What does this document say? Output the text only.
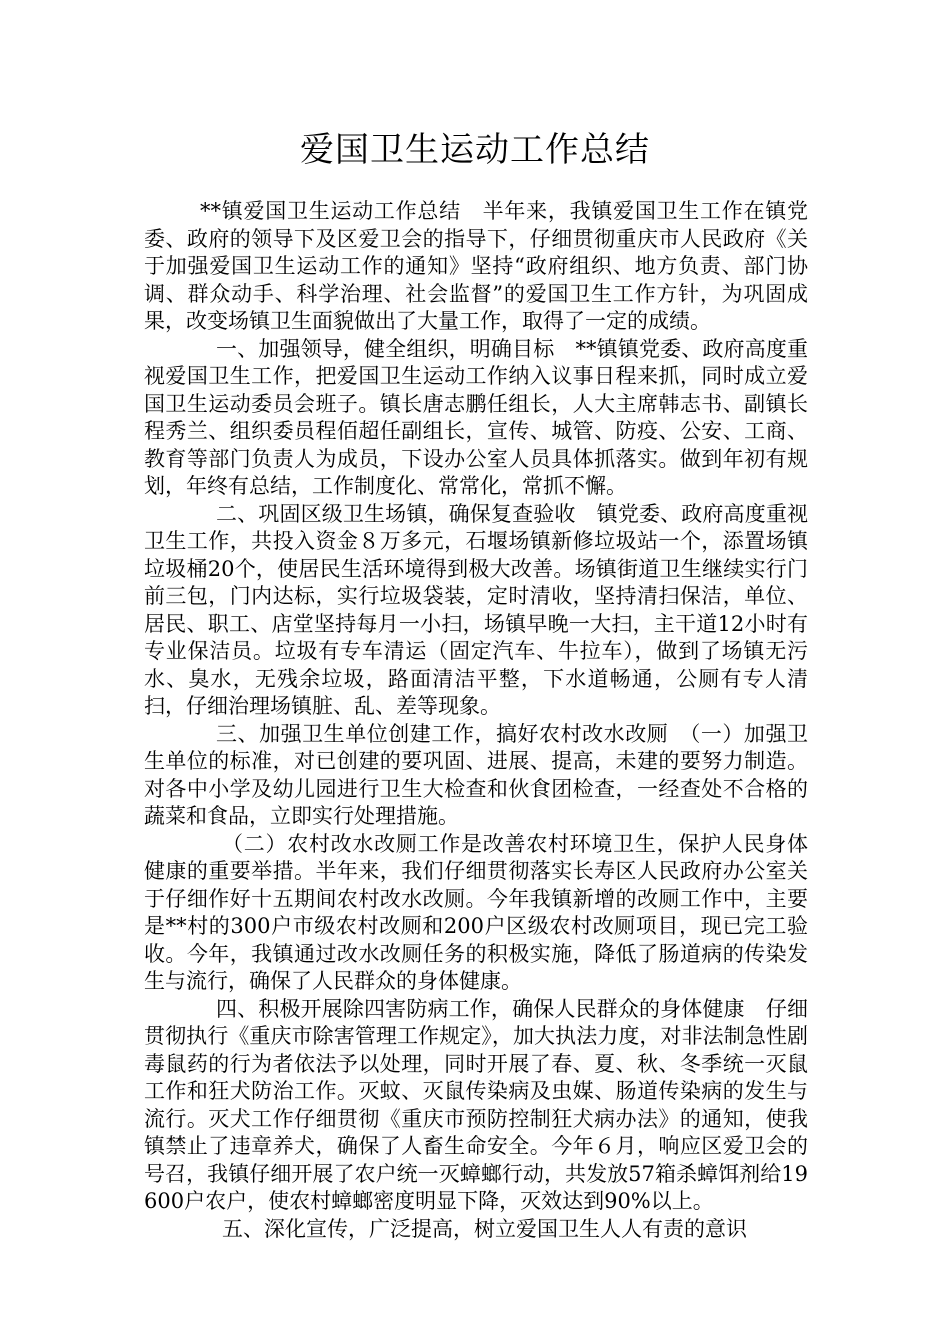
爱国卫生运动工作总结

**镇爱国卫生运动工作总结　半年来，我镇爱国卫生工作在镇党委、政府的领导下及区爱卫会的指导下，仔细贯彻重庆市人民政府《关于加强爱国卫生运动工作的通知》坚持“政府组织、地方负责、部门协调、群众动手、科学治理、社会监督”的爱国卫生工作方针，为巩固成果，改变场镇卫生面貌做出了大量工作，取得了一定的成绩。

一、加强领导，健全组织，明确目标　**镇镇党委、政府高度重视爱国卫生工作，把爱国卫生运动工作纳入议事日程来抓，同时成立爱国卫生运动委员会班子。镇长唐志鹏任组长，人大主席韩志书、副镇长程秀兰、组织委员程佰超任副组长，宣传、城管、防疫、公安、工商、教育等部门负责人为成员，下设办公室人员具体抓落实。做到年初有规划，年终有总结，工作制度化、常常化，常抓不懈。

二、巩固区级卫生场镇，确保复查验收　镇党委、政府高度重视卫生工作，共投入资金８万多元，石堰场镇新修垃圾站一个，添置场镇垃圾桶20个，使居民生活环境得到极大改善。场镇街道卫生继续实行门前三包，门内达标，实行垃圾袋装，定时清收，坚持清扫保洁，单位、居民、职工、店堂坚持每月一小扫，场镇早晚一大扫，主干道12小时有专业保洁员。垃圾有专车清运（固定汽车、牛拉车），做到了场镇无污水、臭水，无残余垃圾，路面清洁平整，下水道畅通，公厕有专人清扫，仔细治理场镇脏、乱、差等现象。

三、加强卫生单位创建工作，搞好农村改水改厕　（一）加强卫生单位的标准，对已创建的要巩固、进展、提高，未建的要努力制造。对各中小学及幼儿园进行卫生大检查和伙食团检查，一经查处不合格的蔬菜和食品，立即实行处理措施。

（二）农村改水改厕工作是改善农村环境卫生，保护人民身体健康的重要举措。半年来，我们仔细贯彻落实长寿区人民政府办公室关于仔细作好十五期间农村改水改厕。今年我镇新增的改厕工作中，主要是**村的300户市级农村改厕和200户区级农村改厕项目，现已完工验收。今年，我镇通过改水改厕任务的积极实施，降低了肠道病的传染发生与流行，确保了人民群众的身体健康。

四、积极开展除四害防病工作，确保人民群众的身体健康　仔细贯彻执行《重庆市除害管理工作规定》，加大执法力度，对非法制急性剧毒鼠药的行为者依法予以处理，同时开展了春、夏、秋、冬季统一灭鼠工作和狂犬防治工作。灭蚊、灭鼠传染病及虫媒、肠道传染病的发生与流行。灭犬工作仔细贯彻《重庆市预防控制狂犬病办法》的通知，使我镇禁止了违章养犬，确保了人畜生命安全。今年６月，响应区爱卫会的号召，我镇仔细开展了农户统一灭蟑螂行动，共发放57箱杀蟑饵剂给19600户农户，使农村蟑螂密度明显下降，灭效达到90%以上。

五、深化宣传，广泛提高，树立爱国卫生人人有责的意识
